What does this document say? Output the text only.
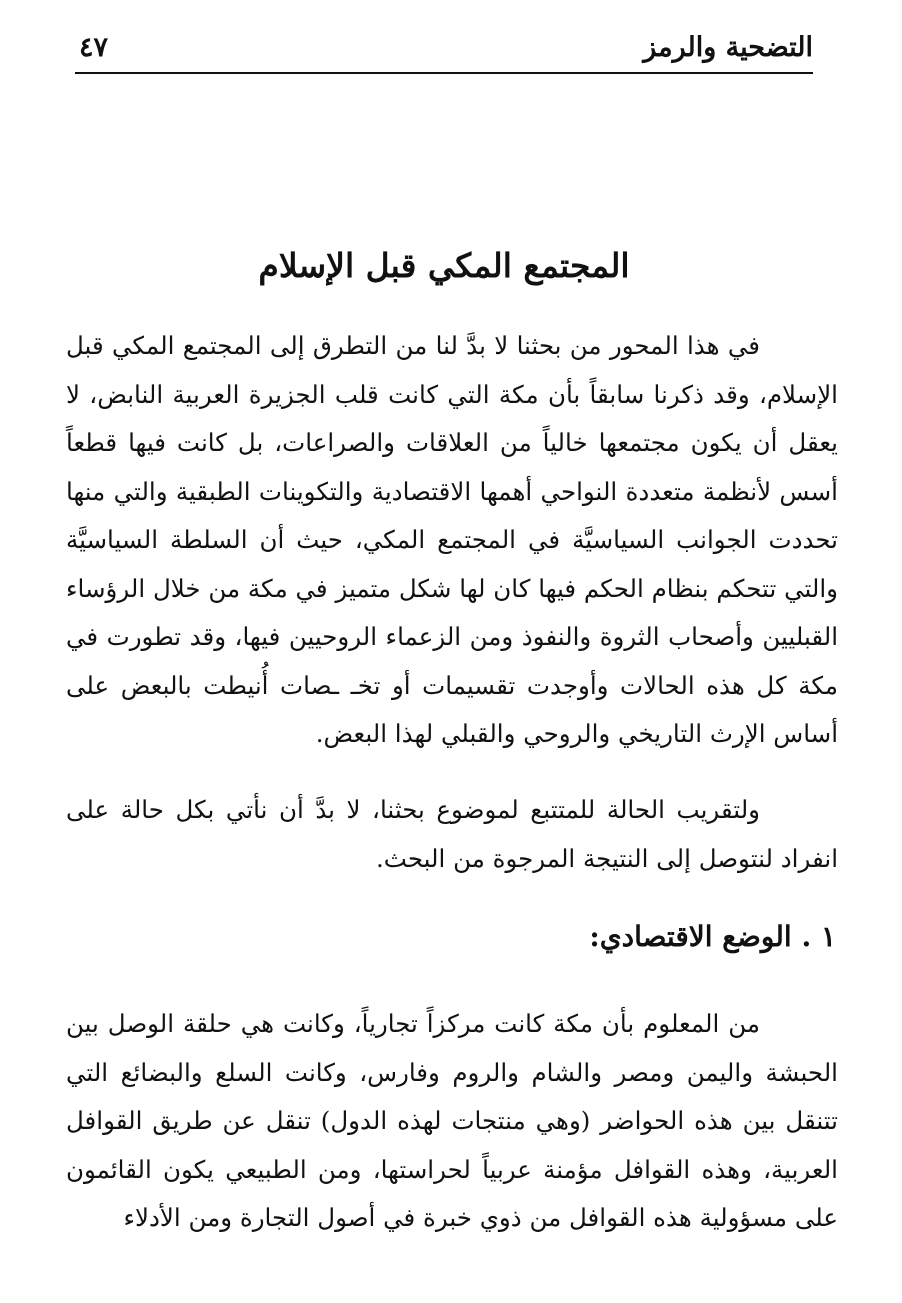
التضحية والرمز
٤٧
المجتمع المكي قبل الإسلام

في هذا المحور من بحثنا لا بدَّ لنا من التطرق إلى المجتمع المكي قبل الإسلام، وقد ذكرنا سابقاً بأن مكة التي كانت قلب الجزيرة العربية النابض، لا يعقل أن يكون مجتمعها خالياً من العلاقات والصراعات، بل كانت فيها قطعاً أسس لأنظمة متعددة النواحي أهمها الاقتصادية والتكوينات الطبقية والتي منها تحددت الجوانب السياسيَّة في المجتمع المكي، حيث أن السلطة السياسيَّة والتي تتحكم بنظام الحكم فيها كان لها شكل متميز في مكة من خلال الرؤساء القبليين وأصحاب الثروة والنفوذ ومن الزعماء الروحيين فيها، وقد تطورت في مكة كل هذه الحالات وأوجدت تقسيمات أو تخـ ـصات أُنيطت بالبعض على أساس الإرث التاريخي والروحي والقبلي لهذا البعض.

ولتقريب الحالة للمتتبع لموضوع بحثنا، لا بدَّ أن نأتي بكل حالة على انفراد لنتوصل إلى النتيجة المرجوة من البحث.

١ . الوضع الاقتصادي:

من المعلوم بأن مكة كانت مركزاً تجارياً، وكانت هي حلقة الوصل بين الحبشة واليمن ومصر والشام والروم وفارس، وكانت السلع والبضائع التي تتنقل بين هذه الحواضر (وهي منتجات لهذه الدول) تنقل عن طريق القوافل العربية، وهذه القوافل مؤمنة عربياً لحراستها، ومن الطبيعي يكون القائمون على مسؤولية هذه القوافل من ذوي خبرة في أصول التجارة ومن الأدلاء
